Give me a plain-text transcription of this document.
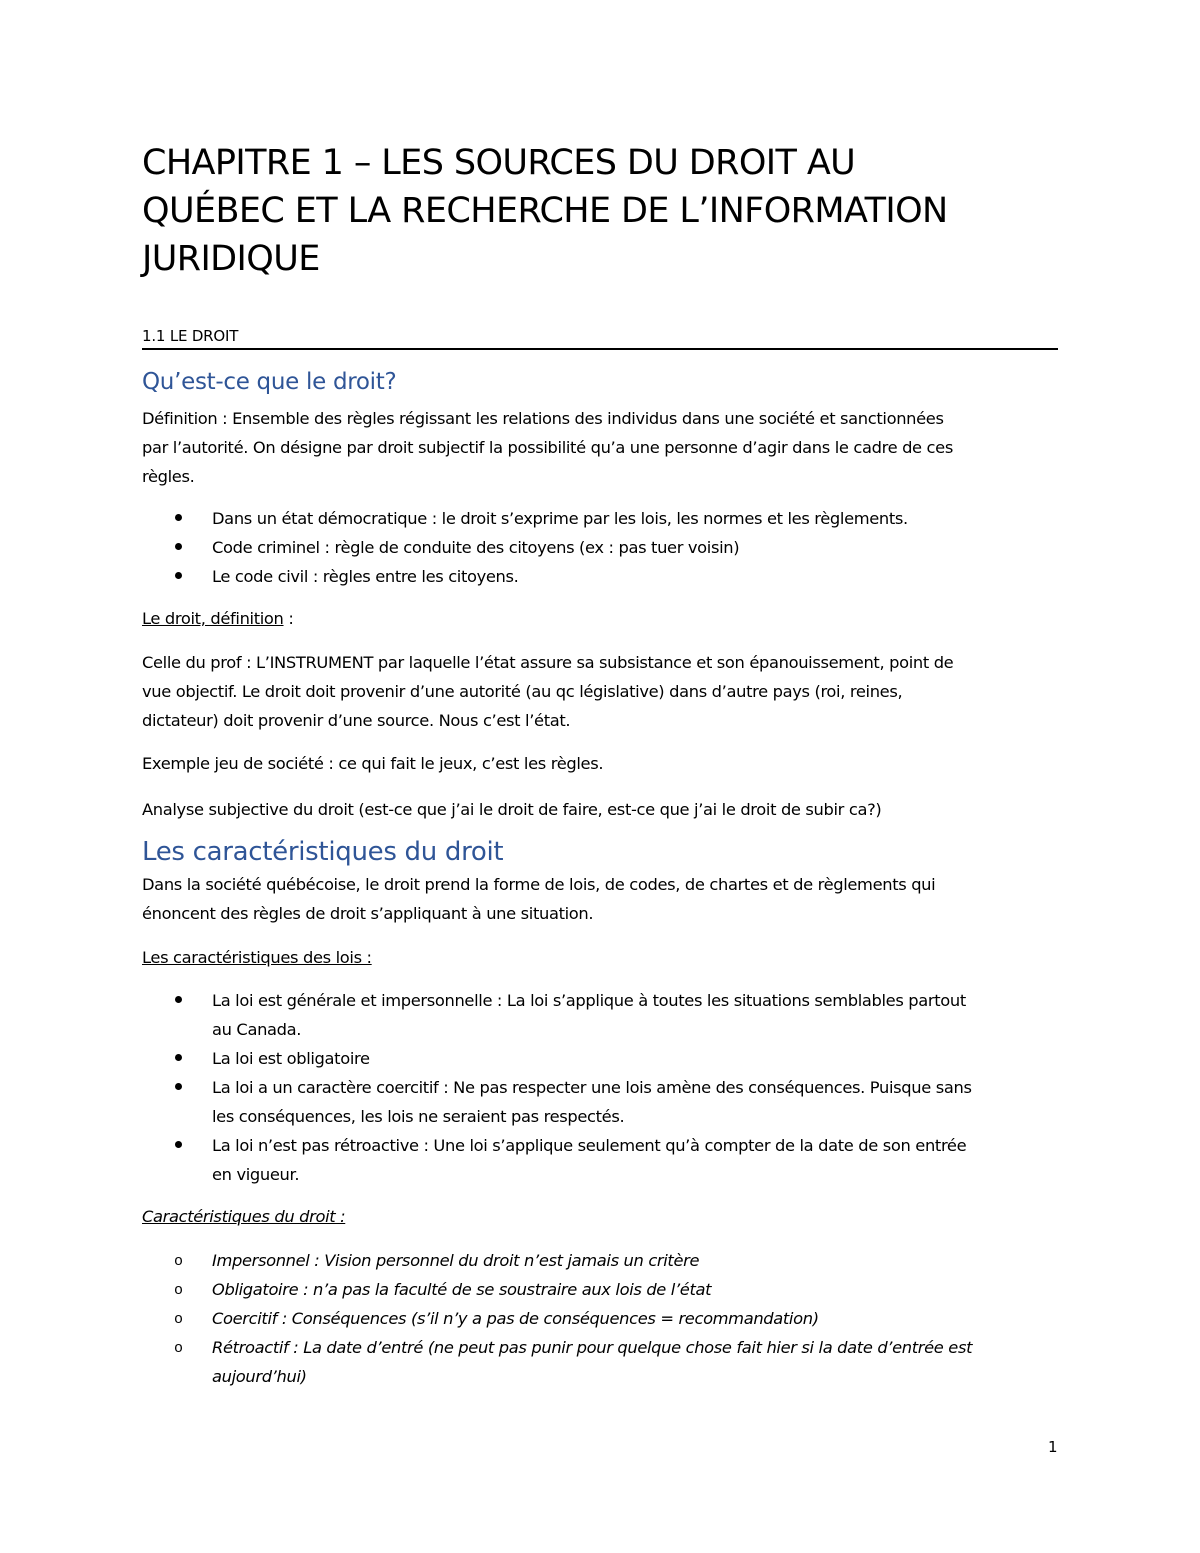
CHAPITRE 1 – LES SOURCES DU DROIT AU
QUÉBEC ET LA RECHERCHE DE L’INFORMATION
JURIDIQUE
1.1 LE DROIT
Qu’est-ce que le droit?

Définition : Ensemble des règles régissant les relations des individus dans une société et sanctionnées
par l’autorité. On désigne par droit subjectif la possibilité qu’a une personne d’agir dans le cadre de ces
règles.

Dans un état démocratique : le droit s’exprime par les lois, les normes et les règlements.
Code criminel : règle de conduite des citoyens (ex : pas tuer voisin)
Le code civil : règles entre les citoyens.

Le droit, définition :

Celle du prof : L’INSTRUMENT par laquelle l’état assure sa subsistance et son épanouissement, point de
vue objectif. Le droit doit provenir d’une autorité (au qc législative) dans d’autre pays (roi, reines,
dictateur) doit provenir d’une source. Nous c’est l’état.

Exemple jeu de société : ce qui fait le jeux, c’est les règles.

Analyse subjective du droit (est-ce que j’ai le droit de faire, est-ce que j’ai le droit de subir ca?)

Les caractéristiques du droit

Dans la société québécoise, le droit prend la forme de lois, de codes, de chartes et de règlements qui
énoncent des règles de droit s’appliquant à une situation.

Les caractéristiques des lois :

La loi est générale et impersonnelle : La loi s’applique à toutes les situations semblables partout
au Canada.
La loi est obligatoire
La loi a un caractère coercitif : Ne pas respecter une lois amène des conséquences. Puisque sans
les conséquences, les lois ne seraient pas respectés.
La loi n’est pas rétroactive : Une loi s’applique seulement qu’à compter de la date de son entrée
en vigueur.

Caractéristiques du droit :

o Impersonnel : Vision personnel du droit n’est jamais un critère
o Obligatoire : n’a pas la faculté de se soustraire aux lois de l’état
o Coercitif : Conséquences (s’il n’y a pas de conséquences = recommandation)
o Rétroactif : La date d’entré (ne peut pas punir pour quelque chose fait hier si la date d’entrée est
aujourd’hui)
1
